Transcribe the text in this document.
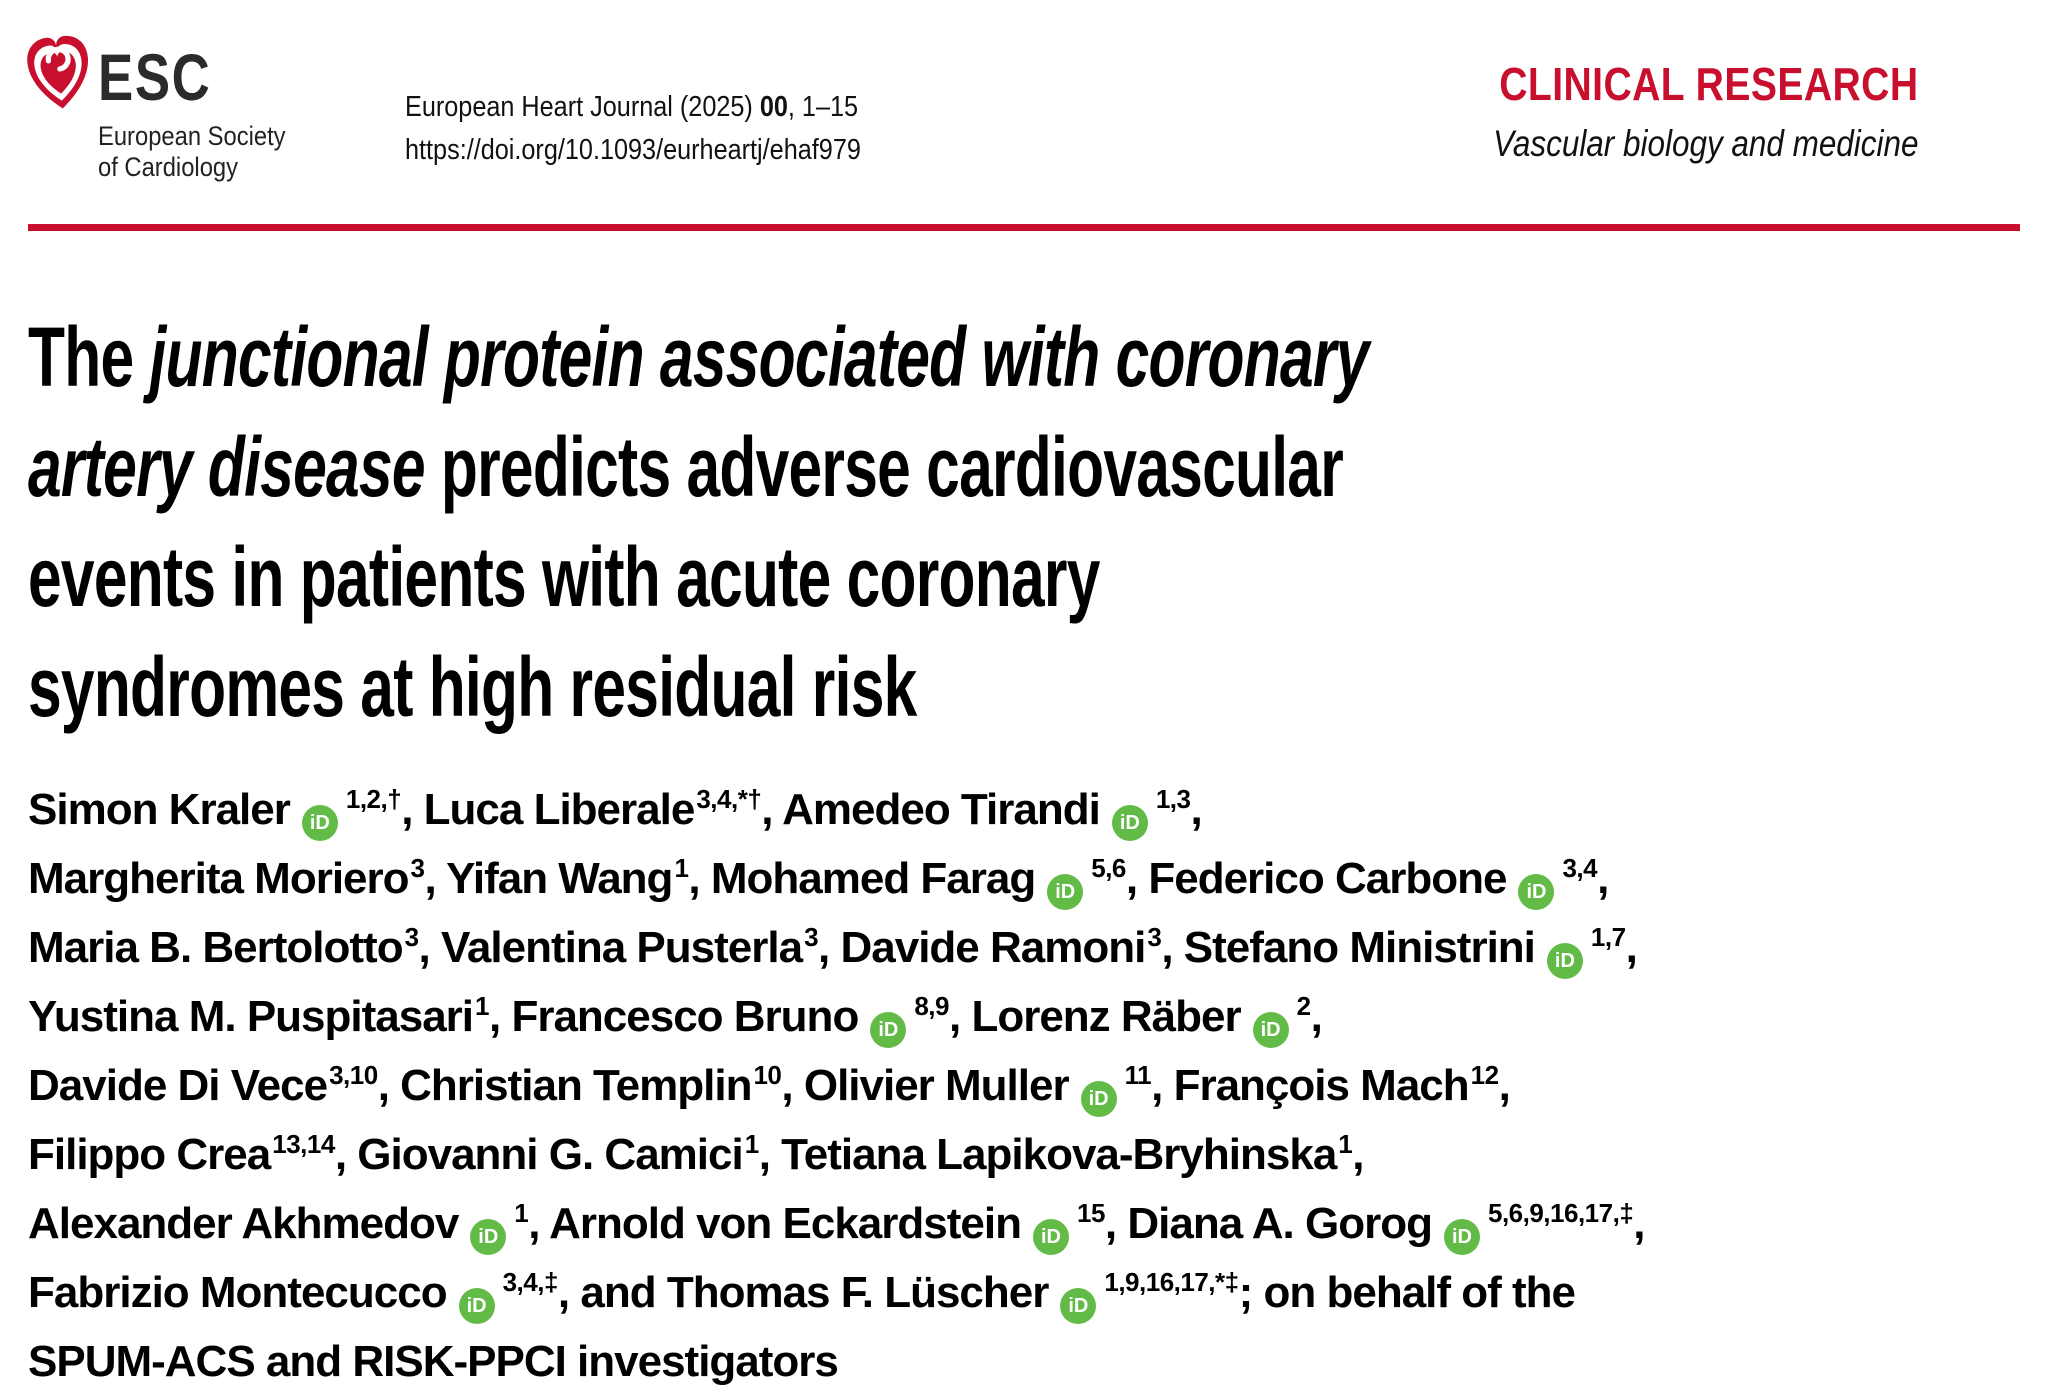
ESC
European Society
of Cardiology
European Heart Journal (2025) 00, 1–15
https://doi.org/10.1093/eurheartj/ehaf979
CLINICAL RESEARCH
Vascular biology and medicine
The junctional protein associated with coronary
artery disease predicts adverse cardiovascular
events in patients with acute coronary
syndromes at high residual risk
Simon Kraler iD$^{1,2,\dagger}$, Luca Liberale$^{3,4,*\dagger}$, Amedeo Tirandi iD$^{1,3}$,
Margherita Moriero$^3$, Yifan Wang$^1$, Mohamed Farag iD$^{5,6}$, Federico Carbone iD$^{3,4}$,
Maria B. Bertolotto$^3$, Valentina Pusterla$^3$, Davide Ramoni$^3$, Stefano Ministrini iD$^{1,7}$,
Yustina M. Puspitasari$^1$, Francesco Bruno iD$^{8,9}$, Lorenz Räber iD$^2$,
Davide Di Vece$^{3,10}$, Christian Templin$^{10}$, Olivier Muller iD$^{11}$, François Mach$^{12}$,
Filippo Crea$^{13,14}$, Giovanni G. Camici$^1$, Tetiana Lapikova-Bryhinska$^1$,
Alexander Akhmedov iD$^1$, Arnold von Eckardstein iD$^{15}$, Diana A. Gorog iD$^{5,6,9,16,17,\ddagger}$,
Fabrizio Montecucco iD$^{3,4,\ddagger}$, and Thomas F. Lüscher iD$^{1,9,16,17,*\ddagger}$; on behalf of the
SPUM-ACS and RISK-PPCI investigators
